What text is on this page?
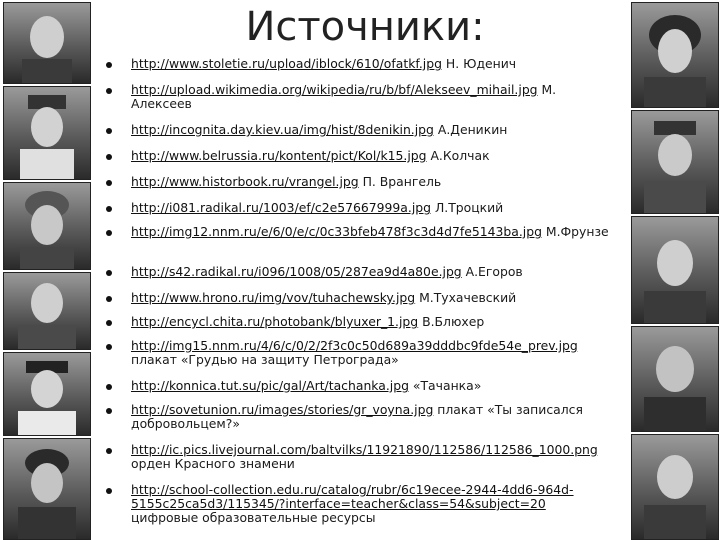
Источники:
http://www.stoletie.ru/upload/iblock/610/ofatkf.jpg Н. Юденич
http://upload.wikimedia.org/wikipedia/ru/b/bf/Alekseev_mihail.jpg М. Алексеев
http://incognita.day.kiev.ua/img/hist/8denikin.jpg А.Деникин
http://www.belrussia.ru/kontent/pict/Kol/k15.jpg А.Колчак
http://www.historbook.ru/vrangel.jpg П. Врангель
http://i081.radikal.ru/1003/ef/c2e57667999a.jpg Л.Троцкий
http://img12.nnm.ru/e/6/0/e/c/0c33bfeb478f3c3d4d7fe5143ba.jpg М.Фрунзе
http://s42.radikal.ru/i096/1008/05/287ea9d4a80e.jpg А.Егоров
http://www.hrono.ru/img/vov/tuhachewsky.jpg М.Тухачевский
http://encycl.chita.ru/photobank/blyuxer_1.jpg В.Блюхер
http://img15.nnm.ru/4/6/c/0/2/2f3c0c50d689a39dddbc9fde54e_prev.jpg плакат «Грудью на защиту Петрограда»
http://konnica.tut.su/pic/gal/Art/tachanka.jpg «Тачанка»
http://sovetunion.ru/images/stories/gr_voyna.jpg плакат «Ты записался добровольцем?»
http://ic.pics.livejournal.com/baltvilks/11921890/112586/112586_1000.png орден Красного знамени
http://school-collection.edu.ru/catalog/rubr/6c19ecee-2944-4dd6-964d-5155c25ca5d3/115345/?interface=teacher&class=54&subject=20 цифровые образовательные ресурсы
